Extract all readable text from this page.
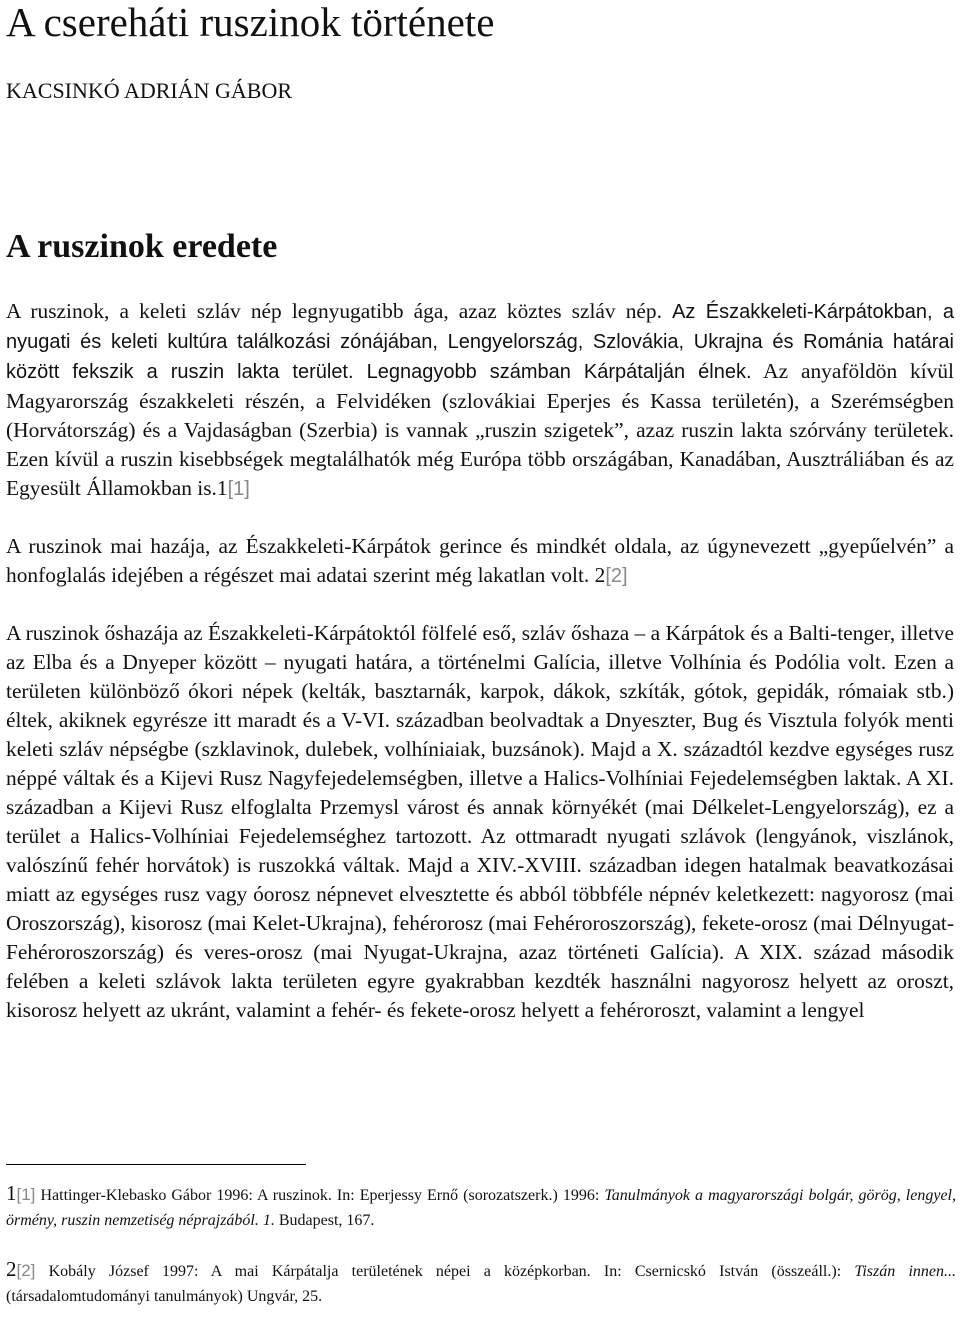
A csereháti ruszinok története
KACSINKÓ ADRIÁN GÁBOR
A ruszinok eredete

A ruszinok, a keleti szláv nép legnyugatibb ága, azaz köztes szláv nép. Az Északkeleti-Kárpátokban, a nyugati és keleti kultúra találkozási zónájában, Lengyelország, Szlovákia, Ukrajna és Románia határai között fekszik a ruszin lakta terület. Legnagyobb számban Kárpátalján élnek. Az anyaföldön kívül Magyarország északkeleti részén, a Felvidéken (szlovákiai Eperjes és Kassa területén), a Szerémségben (Horvátország) és a Vajdaságban (Szerbia) is vannak „ruszin szigetek”, azaz ruszin lakta szórvány területek. Ezen kívül a ruszin kisebbségek megtalálhatók még Európa több országában, Kanadában, Ausztráliában és az Egyesült Államokban is.1[1]

A ruszinok mai hazája, az Északkeleti-Kárpátok gerince és mindkét oldala, az úgynevezett „gyepűelvén” a honfoglalás idejében a régészet mai adatai szerint még lakatlan volt. 2[2]

A ruszinok őshazája az Északkeleti-Kárpátoktól fölfelé eső, szláv őshaza – a Kárpátok és a Balti-tenger, illetve az Elba és a Dnyeper között – nyugati határa, a történelmi Galícia, illetve Volhínia és Podólia volt. Ezen a területen különböző ókori népek (kelták, basztarnák, karpok, dákok, szkíták, gótok, gepidák, rómaiak stb.) éltek, akiknek egyrésze itt maradt és a V-VI. században beolvadtak a Dnyeszter, Bug és Visztula folyók menti keleti szláv népségbe (szklavinok, dulebek, volhíniaiak, buzsánok). Majd a X. századtól kezdve egységes rusz néppé váltak és a Kijevi Rusz Nagyfejedelemségben, illetve a Halics-Volhíniai Fejedelemségben laktak. A XI. században a Kijevi Rusz elfoglalta Przemysl várost és annak környékét (mai Délkelet-Lengyelország), ez a terület a Halics-Volhíniai Fejedelemséghez tartozott. Az ottmaradt nyugati szlávok (lengyánok, viszlánok, valószínű fehér horvátok) is ruszokká váltak. Majd a XIV.-XVIII. században idegen hatalmak beavatkozásai miatt az egységes rusz vagy óorosz népnevet elvesztette és abból többféle népnév keletkezett: nagyorosz (mai Oroszország), kisorosz (mai Kelet-Ukrajna), fehérorosz (mai Fehéroroszország), fekete-orosz (mai Délnyugat-Fehéroroszország) és veres-orosz (mai Nyugat-Ukrajna, azaz történeti Galícia). A XIX. század második felében a keleti szlávok lakta területen egyre gyakrabban kezdték használni nagyorosz helyett az oroszt, kisorosz helyett az ukránt, valamint a fehér- és fekete-orosz helyett a fehéroroszt, valamint a lengyel

1[1] Hattinger-Klebasko Gábor 1996: A ruszinok. In: Eperjessy Ernő (sorozatszerk.) 1996: Tanulmányok a magyarországi bolgár, görög, lengyel, örmény, ruszin nemzetiség néprajzából. 1. Budapest, 167.
2[2] Kobály József 1997: A mai Kárpátalja területének népei a középkorban. In: Csernicskó István (összeáll.): Tiszán innen... (társadalomtudományi tanulmányok) Ungvár, 25.
